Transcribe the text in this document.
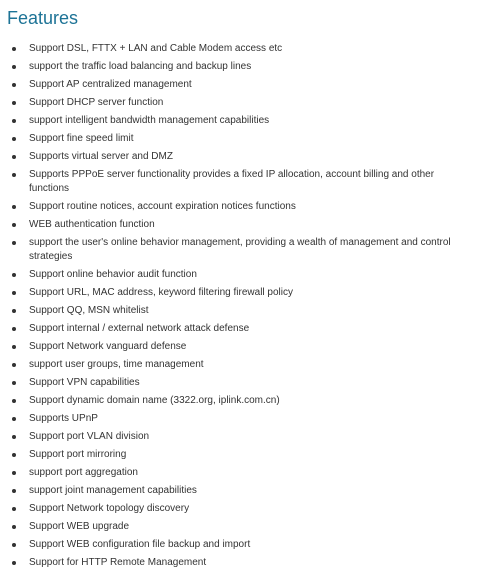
Features
Support DSL, FTTX + LAN and Cable Modem access etc
support the traffic load balancing and backup lines
Support AP centralized management
Support DHCP server function
support intelligent bandwidth management capabilities
Support fine speed limit
Supports virtual server and DMZ
Supports PPPoE server functionality provides a fixed IP allocation, account billing and other functions
Support routine notices, account expiration notices functions
WEB authentication function
support the user's online behavior management, providing a wealth of management and control strategies
Support online behavior audit function
Support URL, MAC address, keyword filtering firewall policy
Support QQ, MSN whitelist
Support internal / external network attack defense
Support Network vanguard defense
support user groups, time management
Support VPN capabilities
Support dynamic domain name (3322.org, iplink.com.cn)
Supports UPnP
Support port VLAN division
Support port mirroring
support port aggregation
support joint management capabilities
Support Network topology discovery
Support WEB upgrade
Support WEB configuration file backup and import
Support for HTTP Remote Management
